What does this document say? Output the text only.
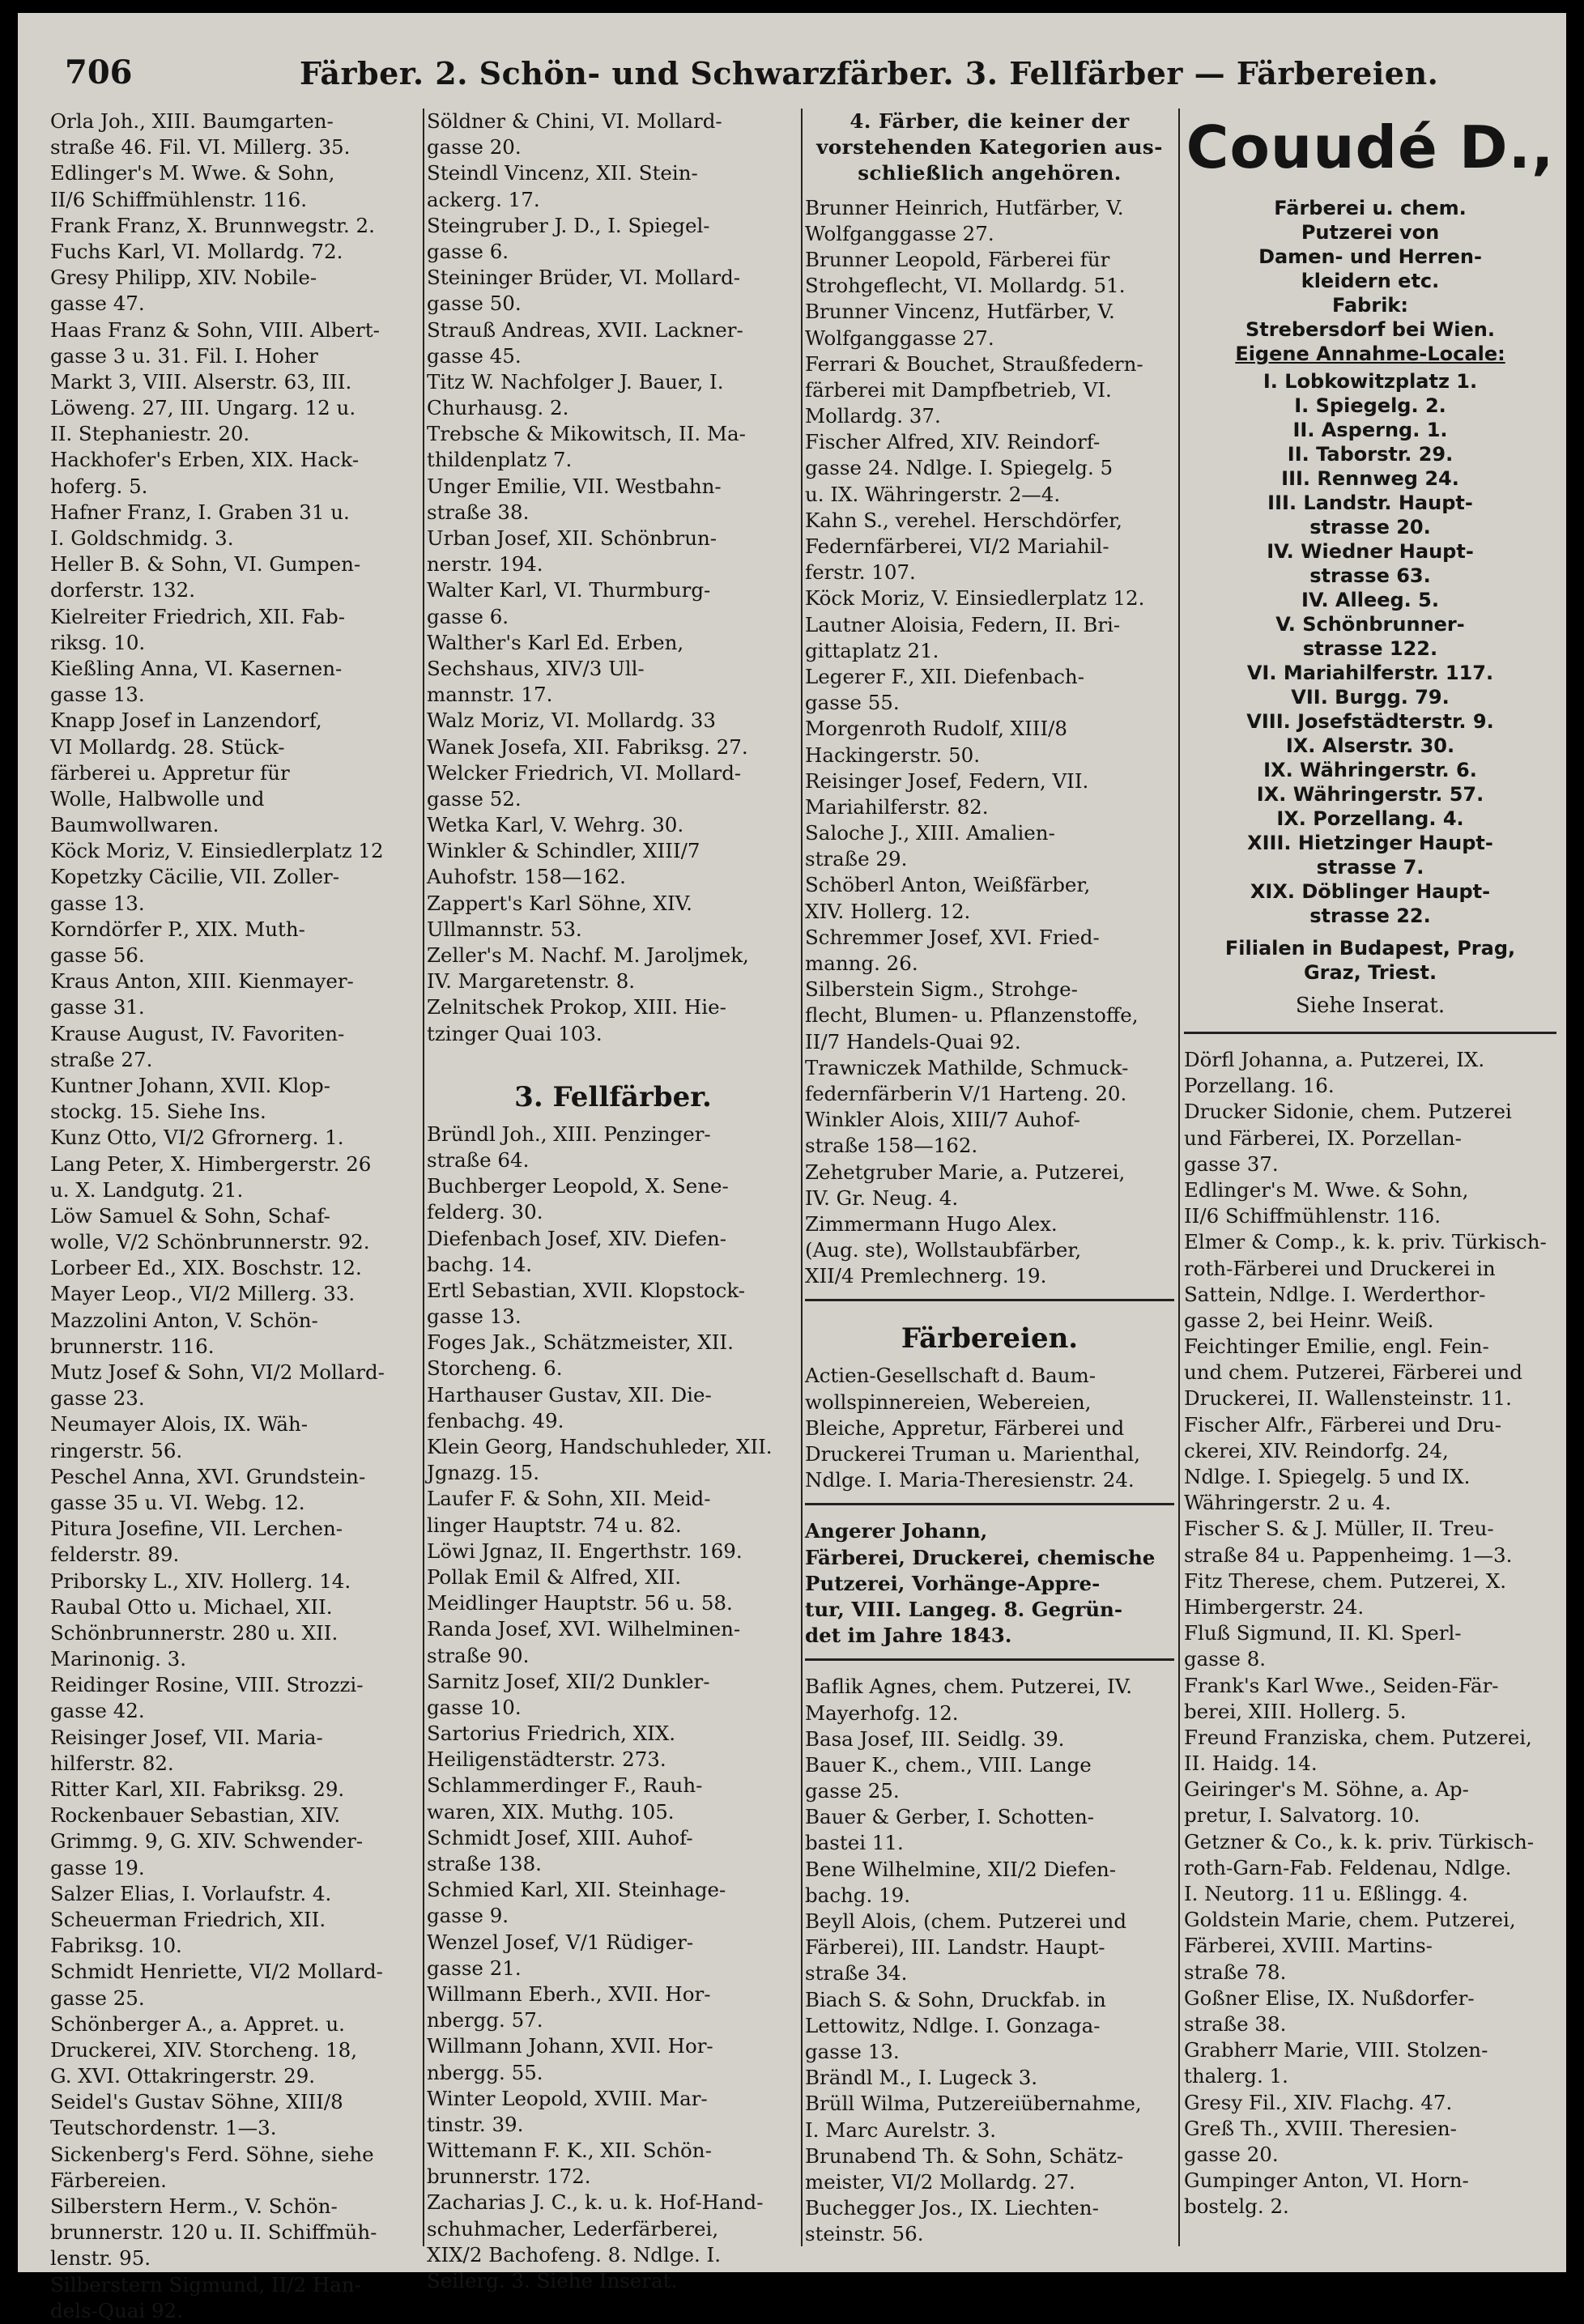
706	Färber. 2. Schön- und Schwarzfärber. 3. Fellfärber — Färbereien.
Orla Joh., XIII. Baumgarten-
straße 46. Fil. VI. Millerg. 35.
Edlinger's M. Wwe. & Sohn,
II/6 Schiffmühlenstr. 116.
Frank Franz, X. Brunnwegstr. 2.
Fuchs Karl, VI. Mollardg. 72.
Gresy Philipp, XIV. Nobile-
gasse 47.
Haas Franz & Sohn, VIII. Albert-
gasse 3 u. 31. Fil. I. Hoher
Markt 3, VIII. Alserstr. 63, III.
Löweng. 27, III. Ungarg. 12 u.
II. Stephaniestr. 20.
Hackhofer's Erben, XIX. Hack-
hoferg. 5.
Hafner Franz, I. Graben 31 u.
I. Goldschmidg. 3.
Heller B. & Sohn, VI. Gumpen-
dorferstr. 132.
Kielreiter Friedrich, XII. Fab-
riksg. 10.
Kießling Anna, VI. Kasernen-
gasse 13.
Knapp Josef in Lanzendorf,
VI Mollardg. 28. Stück-
färberei u. Appretur für
Wolle, Halbwolle und
Baumwollwaren.
Köck Moriz, V. Einsiedlerplatz 12
Kopetzky Cäcilie, VII. Zoller-
gasse 13.
Korndörfer P., XIX. Muth-
gasse 56.
Kraus Anton, XIII. Kienmayer-
gasse 31.
Krause August, IV. Favoriten-
straße 27.
Kuntner Johann, XVII. Klop-
stockg. 15. Siehe Ins.
Kunz Otto, VI/2 Gfrornerg. 1.
Lang Peter, X. Himbergerstr. 26
u. X. Landgutg. 21.
Löw Samuel & Sohn, Schaf-
wolle, V/2 Schönbrunnerstr. 92.
Lorbeer Ed., XIX. Boschstr. 12.
Mayer Leop., VI/2 Millerg. 33.
Mazzolini Anton, V. Schön-
brunnerstr. 116.
Mutz Josef & Sohn, VI/2 Mollard-
gasse 23.
Neumayer Alois, IX. Wäh-
ringerstr. 56.
Peschel Anna, XVI. Grundstein-
gasse 35 u. VI. Webg. 12.
Pitura Josefine, VII. Lerchen-
felderstr. 89.
Priborsky L., XIV. Hollerg. 14.
Raubal Otto u. Michael, XII.
Schönbrunnerstr. 280 u. XII.
Marinonig. 3.
Reidinger Rosine, VIII. Strozzi-
gasse 42.
Reisinger Josef, VII. Maria-
hilferstr. 82.
Ritter Karl, XII. Fabriksg. 29.
Rockenbauer Sebastian, XIV.
Grimmg. 9, G. XIV. Schwender-
gasse 19.
Salzer Elias, I. Vorlaufstr. 4.
Scheuerman Friedrich, XII.
Fabriksg. 10.
Schmidt Henriette, VI/2 Mollard-
gasse 25.
Schönberger A., a. Appret. u.
Druckerei, XIV. Storcheng. 18,
G. XVI. Ottakringerstr. 29.
Seidel's Gustav Söhne, XIII/8
Teutschordenstr. 1—3.
Sickenberg's Ferd. Söhne, siehe
Färbereien.
Silberstern Herm., V. Schön-
brunnerstr. 120 u. II. Schiffmüh-
lenstr. 95.
Silberstern Sigmund, II/2 Han-
dels-Quai 92.
Söldner & Chini, VI. Mollard-
gasse 20.
Steindl Vincenz, XII. Stein-
ackerg. 17.
Steingruber J. D., I. Spiegel-
gasse 6.
Steininger Brüder, VI. Mollard-
gasse 50.
Strauß Andreas, XVII. Lackner-
gasse 45.
Titz W. Nachfolger J. Bauer, I.
Churhausg. 2.
Trebsche & Mikowitsch, II. Ma-
thildenplatz 7.
Unger Emilie, VII. Westbahn-
straße 38.
Urban Josef, XII. Schönbrun-
nerstr. 194.
Walter Karl, VI. Thurmburg-
gasse 6.
Walther's Karl Ed. Erben,
Sechshaus, XIV/3 Ull-
mannstr. 17.
Walz Moriz, VI. Mollardg. 33
Wanek Josefa, XII. Fabriksg. 27.
Welcker Friedrich, VI. Mollard-
gasse 52.
Wetka Karl, V. Wehrg. 30.
Winkler & Schindler, XIII/7
Auhofstr. 158—162.
Zappert's Karl Söhne, XIV.
Ullmannstr. 53.
Zeller's M. Nachf. M. Jaroljmek,
IV. Margaretenstr. 8.
Zelnitschek Prokop, XIII. Hie-
tzinger Quai 103.
3. Fellfärber.
Bründl Joh., XIII. Penzinger-
straße 64.
Buchberger Leopold, X. Sene-
felderg. 30.
Diefenbach Josef, XIV. Diefen-
bachg. 14.
Ertl Sebastian, XVII. Klopstock-
gasse 13.
Foges Jak., Schätzmeister, XII.
Storcheng. 6.
Harthauser Gustav, XII. Die-
fenbachg. 49.
Klein Georg, Handschuhleder, XII.
Jgnazg. 15.
Laufer F. & Sohn, XII. Meid-
linger Hauptstr. 74 u. 82.
Löwi Jgnaz, II. Engerthstr. 169.
Pollak Emil & Alfred, XII.
Meidlinger Hauptstr. 56 u. 58.
Randa Josef, XVI. Wilhelminen-
straße 90.
Sarnitz Josef, XII/2 Dunkler-
gasse 10.
Sartorius Friedrich, XIX.
Heiligenstädterstr. 273.
Schlammerdinger F., Rauh-
waren, XIX. Muthg. 105.
Schmidt Josef, XIII. Auhof-
straße 138.
Schmied Karl, XII. Steinhage-
gasse 9.
Wenzel Josef, V/1 Rüdiger-
gasse 21.
Willmann Eberh., XVII. Hor-
nbergg. 57.
Willmann Johann, XVII. Hor-
nbergg. 55.
Winter Leopold, XVIII. Mar-
tinstr. 39.
Wittemann F. K., XII. Schön-
brunnerstr. 172.
Zacharias J. C., k. u. k. Hof-Hand-
schuhmacher, Lederfärberei,
XIX/2 Bachofeng. 8. Ndlge. I.
Seilerg. 3. Siehe Inserat.
4. Färber, die keiner der
vorstehenden Kategorien aus-
schließlich angehören.
Brunner Heinrich, Hutfärber, V.
Wolfganggasse 27.
Brunner Leopold, Färberei für
Strohgeflecht, VI. Mollardg. 51.
Brunner Vincenz, Hutfärber, V.
Wolfganggasse 27.
Ferrari & Bouchet, Straußfedern-
färberei mit Dampfbetrieb, VI.
Mollardg. 37.
Fischer Alfred, XIV. Reindorf-
gasse 24. Ndlge. I. Spiegelg. 5
u. IX. Währingerstr. 2—4.
Kahn S., verehel. Herschdörfer,
Federnfärberei, VI/2 Mariahil-
ferstr. 107.
Köck Moriz, V. Einsiedlerplatz 12.
Lautner Aloisia, Federn, II. Bri-
gittaplatz 21.
Legerer F., XII. Diefenbach-
gasse 55.
Morgenroth Rudolf, XIII/8
Hackingerstr. 50.
Reisinger Josef, Federn, VII.
Mariahilferstr. 82.
Saloche J., XIII. Amalien-
straße 29.
Schöberl Anton, Weißfärber,
XIV. Hollerg. 12.
Schremmer Josef, XVI. Fried-
manng. 26.
Silberstein Sigm., Strohge-
flecht, Blumen- u. Pflanzenstoffe,
II/7 Handels-Quai 92.
Trawniczek Mathilde, Schmuck-
federnfärberin V/1 Harteng. 20.
Winkler Alois, XIII/7 Auhof-
straße 158—162.
Zehetgruber Marie, a. Putzerei,
IV. Gr. Neug. 4.
Zimmermann Hugo Alex.
(Aug. ste), Wollstaubfärber,
XII/4 Premlechnerg. 19.
Färbereien.
Actien-Gesellschaft d. Baum-
wollspinnereien, Webereien,
Bleiche, Appretur, Färberei und
Druckerei Truman u. Marienthal,
Ndlge. I. Maria-Theresienstr. 24.
Angerer Johann,
Färberei, Druckerei, chemische
Putzerei, Vorhänge-Appre-
tur, VIII. Langeg. 8. Gegrün-
det im Jahre 1843.
Baflik Agnes, chem. Putzerei, IV.
Mayerhofg. 12.
Basa Josef, III. Seidlg. 39.
Bauer K., chem., VIII. Lange
gasse 25.
Bauer & Gerber, I. Schotten-
bastei 11.
Bene Wilhelmine, XII/2 Diefen-
bachg. 19.
Beyll Alois, (chem. Putzerei und
Färberei), III. Landstr. Haupt-
straße 34.
Biach S. & Sohn, Druckfab. in
Lettowitz, Ndlge. I. Gonzaga-
gasse 13.
Brändl M., I. Lugeck 3.
Brüll Wilma, Putzereiübernahme,
I. Marc Aurelstr. 3.
Brunabend Th. & Sohn, Schätz-
meister, VI/2 Mollardg. 27.
Buchegger Jos., IX. Liechten-
steinstr. 56.
Couudé D.,
Färberei u. chem.
Putzerei von
Damen- und Herren-
kleidern etc.
Fabrik:
Strebersdorf bei Wien.
Eigene Annahme-Locale:
I. Lobkowitzplatz 1.
I. Spiegelg. 2.
II. Asperng. 1.
II. Taborstr. 29.
III. Rennweg 24.
III. Landstr. Haupt-
strasse 20.
IV. Wiedner Haupt-
strasse 63.
IV. Alleeg. 5.
V. Schönbrunner-
strasse 122.
VI. Mariahilferstr. 117.
VII. Burgg. 79.
VIII. Josefstädterstr. 9.
IX. Alserstr. 30.
IX. Währingerstr. 6.
IX. Währingerstr. 57.
IX. Porzellang. 4.
XIII. Hietzinger Haupt-
strasse 7.
XIX. Döblinger Haupt-
strasse 22.
Filialen in Budapest, Prag,
Graz, Triest.
Siehe Inserat.
Dörfl Johanna, a. Putzerei, IX.
Porzellang. 16.
Drucker Sidonie, chem. Putzerei
und Färberei, IX. Porzellan-
gasse 37.
Edlinger's M. Wwe. & Sohn,
II/6 Schiffmühlenstr. 116.
Elmer & Comp., k. k. priv. Türkisch-
roth-Färberei und Druckerei in
Sattein, Ndlge. I. Werderthor-
gasse 2, bei Heinr. Weiß.
Feichtinger Emilie, engl. Fein-
und chem. Putzerei, Färberei und
Druckerei, II. Wallensteinstr. 11.
Fischer Alfr., Färberei und Dru-
ckerei, XIV. Reindorfg. 24,
Ndlge. I. Spiegelg. 5 und IX.
Währingerstr. 2 u. 4.
Fischer S. & J. Müller, II. Treu-
straße 84 u. Pappenheimg. 1—3.
Fitz Therese, chem. Putzerei, X.
Himbergerstr. 24.
Fluß Sigmund, II. Kl. Sperl-
gasse 8.
Frank's Karl Wwe., Seiden-Fär-
berei, XIII. Hollerg. 5.
Freund Franziska, chem. Putzerei,
II. Haidg. 14.
Geiringer's M. Söhne, a. Ap-
pretur, I. Salvatorg. 10.
Getzner & Co., k. k. priv. Türkisch-
roth-Garn-Fab. Feldenau, Ndlge.
I. Neutorg. 11 u. Eßlingg. 4.
Goldstein Marie, chem. Putzerei,
Färberei, XVIII. Martins-
straße 78.
Goßner Elise, IX. Nußdorfer-
straße 38.
Grabherr Marie, VIII. Stolzen-
thalerg. 1.
Gresy Fil., XIV. Flachg. 47.
Greß Th., XVIII. Theresien-
gasse 20.
Gumpinger Anton, VI. Horn-
bostelg. 2.
